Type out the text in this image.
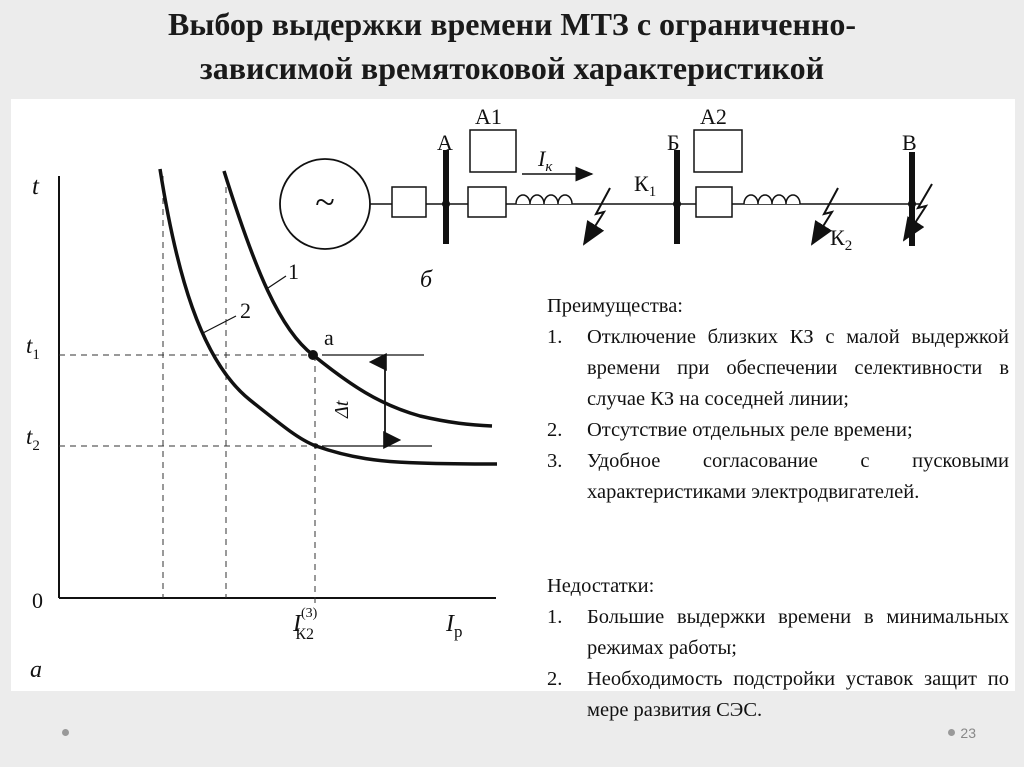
Выбор выдержки времени МТЗ с ограниченно-
зависимой времятоковой характеристикой
t
1
2
a
Δt
$t_1$
$t_2$
0
$I^{(3)}$ К2	$I_р$
a
~
А
А1
$I_к$
Б
$К_1$
А2
$К_2$
В
б

Преимущества:

1.	Отключение близких КЗ с малой выдержкой времени при обеспечении селективности в случае КЗ на соседней линии;
2.	Отсутствие отдельных реле времени;
3.	Удобное согласование с пусковыми характеристиками электродвигателей.

Недостатки:

1.	Большие выдержки времени в минимальных режимах работы;
2.	Необходимость подстройки уставок защит по мере развития СЭС.
23
